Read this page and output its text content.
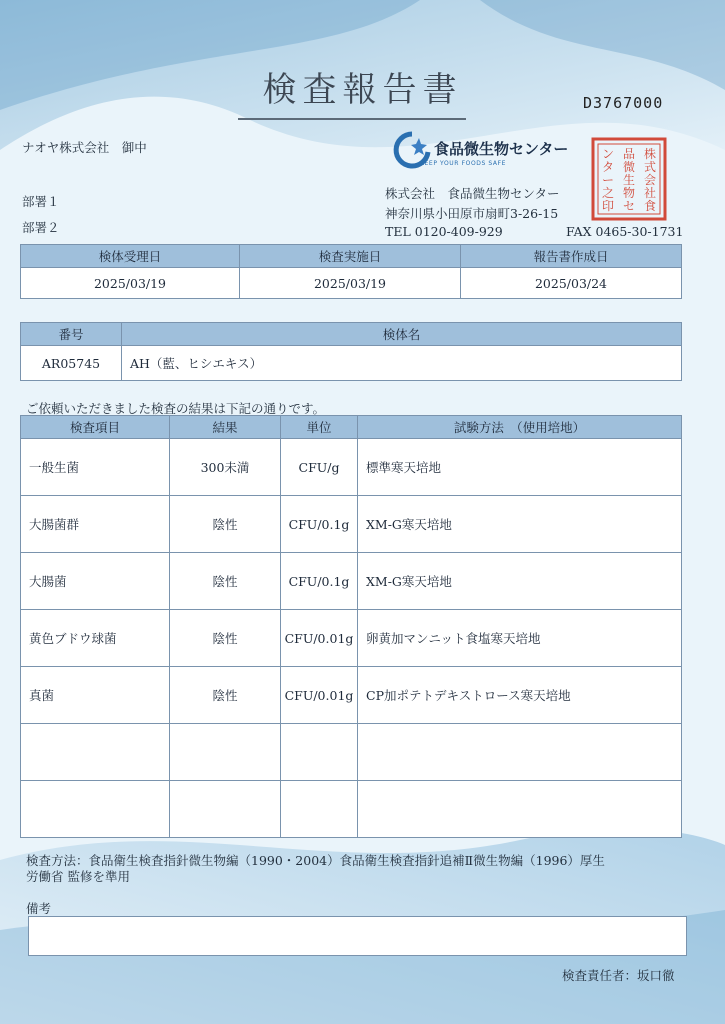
検査報告書	D3767000
ナオヤ株式会社　御中
部署１
部署２
食品微生物センター
KEEP YOUR FOODS SAFE
株
式
会
社
食
品
微
生
物
セ
ン
タ
ー
之
印
株式会社　食品微生物センター
神奈川県小田原市扇町3-26-15
TEL 0120-409-929	FAX 0465-30-1731
検体受理日	検査実施日	報告書作成日
2025/03/19	2025/03/19	2025/03/24
番号	検体名
AR05745	AH（藍、ヒシエキス）
ご依頼いただきました検査の結果は下記の通りです。
検査項目	結果	単位	試験方法　（使用培地）
一般生菌	300未満	CFU/g	標準寒天培地
大腸菌群	陰性	CFU/0.1g	XM-G寒天培地
大腸菌	陰性	CFU/0.1g	XM-G寒天培地
黄色ブドウ球菌	陰性	CFU/0.01g	卵黄加マンニット食塩寒天培地
真菌	陰性	CFU/0.01g	CP加ポテトデキストロース寒天培地

検査方法：食品衛生検査指針微生物編（1990・2004）食品衛生検査指針追補Ⅱ微生物編（1996）厚生
労働省 監修を準用
備考
検査責任者：坂口徹
